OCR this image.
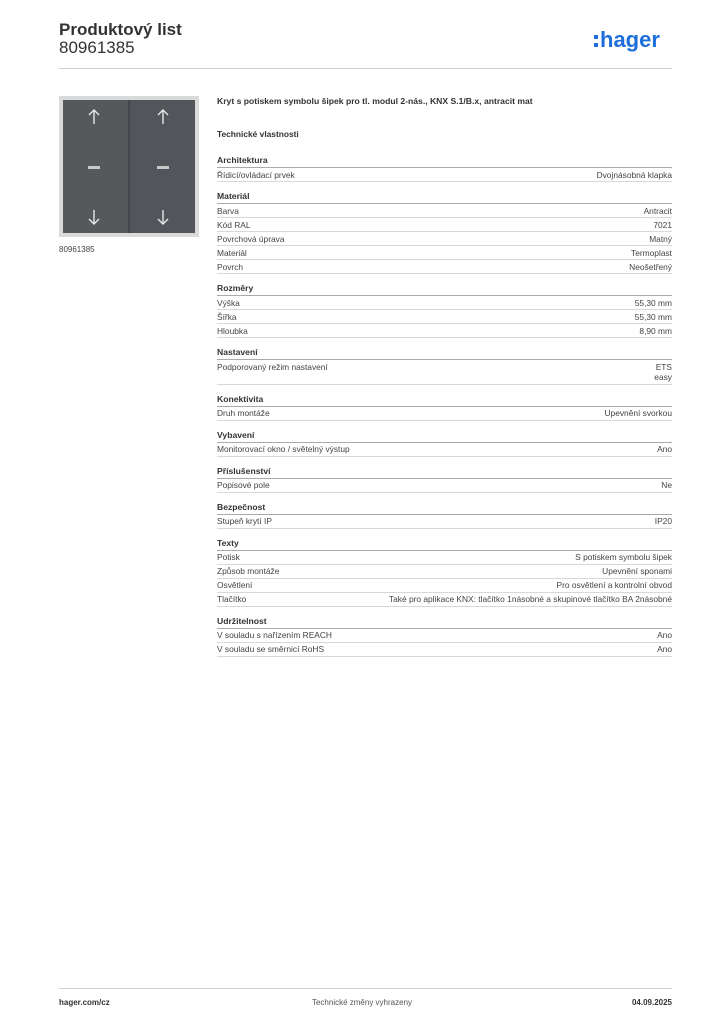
Produktový list
80961385	hager
80961385
Kryt s potiskem symbolu šipek pro tl. modul 2-nás., KNX S.1/B.x, antracit mat
Technické vlastnosti
Architektura
Řídicí/ovládací prvek	Dvojnásobná klapka
Materiál
Barva	Antracit
Kód RAL	7021
Povrchová úprava	Matný
Materiál	Termoplast
Povrch	Neošetřený
Rozměry
Výška	55,30 mm
Šířka	55,30 mm
Hloubka	8,90 mm
Nastavení
Podporovaný režim nastavení	ETS
easy
Konektivita
Druh montáže	Upevnění svorkou
Vybavení
Monitorovací okno / světelný výstup	Ano
Příslušenství
Popisové pole	Ne
Bezpečnost
Stupeň krytí IP	IP20
Texty
Potisk	S potiskem symbolu šipek
Způsob montáže	Upevnění sponami
Osvětlení	Pro osvětlení a kontrolní obvod
Tlačítko	Také pro aplikace KNX: tlačítko 1násobné a skupinové tlačítko BA 2násobné
Udržitelnost
V souladu s nařízením REACH	Ano
V souladu se směrnicí RoHS	Ano
hager.com/cz	Technické změny vyhrazeny	04.09.2025
